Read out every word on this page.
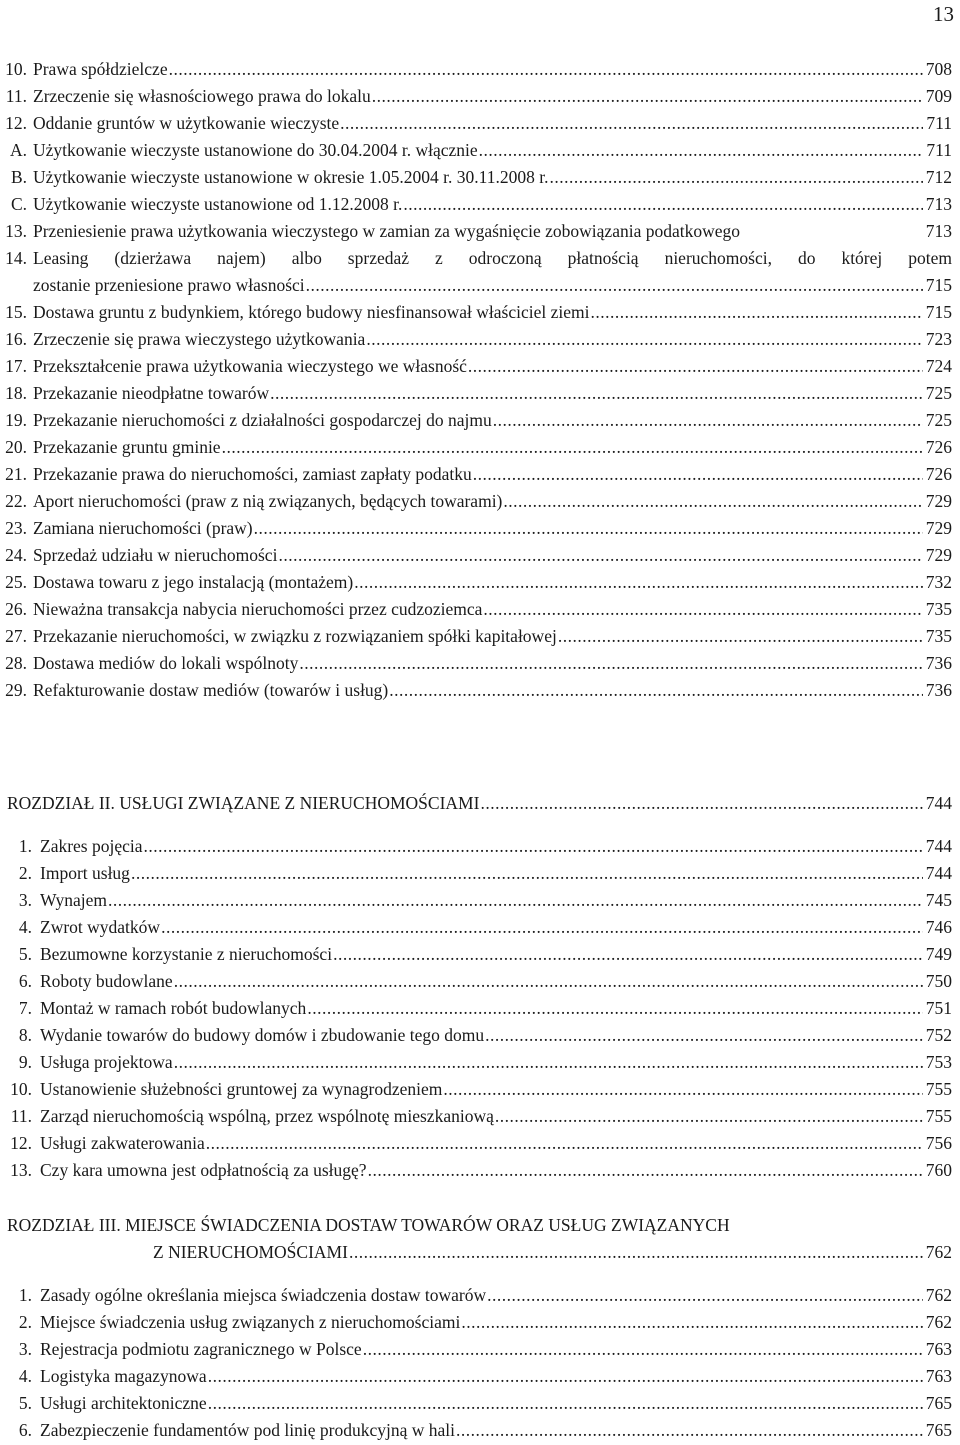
13
10. Prawa spółdzielcze .....	708
11. Zrzeczenie się własnościowego prawa do lokalu .....	709
12. Oddanie gruntów w użytkowanie wieczyste .....	711
A. Użytkowanie wieczyste ustanowione do 30.04.2004 r. włącznie .....	711
B. Użytkowanie wieczyste ustanowione w okresie 1.05.2004 r. 30.11.2008 r. .....	712
C. Użytkowanie wieczyste ustanowione od 1.12.2008 r. .....	713
13. Przeniesienie prawa użytkowania wieczystego w zamian za wygaśnięcie zobowiązania podatkowego	713
14. Leasing (dzierżawa najem) albo sprzedaż z odroczoną płatnością nieruchomości, do której potem
zostanie przeniesione prawo własności .....	715
15. Dostawa gruntu z budynkiem, którego budowy niesfinansował właściciel ziemi .....	715
16. Zrzeczenie się prawa wieczystego użytkowania .....	723
17. Przekształcenie prawa użytkowania wieczystego we własność .....	724
18. Przekazanie nieodpłatne towarów .....	725
19. Przekazanie nieruchomości z działalności gospodarczej do najmu .....	725
20. Przekazanie gruntu gminie .....	726
21. Przekazanie prawa do nieruchomości, zamiast zapłaty podatku .....	726
22. Aport nieruchomości (praw z nią związanych, będących towarami) .....	729
23. Zamiana nieruchomości (praw) .....	729
24. Sprzedaż udziału w nieruchomości .....	729
25. Dostawa towaru z jego instalacją (montażem) .....	732
26. Nieważna transakcja nabycia nieruchomości przez cudzoziemca .....	735
27. Przekazanie nieruchomości, w związku z rozwiązaniem spółki kapitałowej .....	735
28. Dostawa mediów do lokali wspólnoty .....	736
29. Refakturowanie dostaw mediów (towarów i usług) .....	736
ROZDZIAŁ II. USŁUGI ZWIĄZANE Z NIERUCHOMOŚCIAMI .....	744
1. Zakres pojęcia .....	744
2. Import usług .....	744
3. Wynajem .....	745
4. Zwrot wydatków .....	746
5. Bezumowne korzystanie z nieruchomości .....	749
6. Roboty budowlane .....	750
7. Montaż w ramach robót budowlanych .....	751
8. Wydanie towarów do budowy domów i zbudowanie tego domu .....	752
9. Usługa projektowa .....	753
10. Ustanowienie służebności gruntowej za wynagrodzeniem .....	755
11. Zarząd nieruchomością wspólną, przez wspólnotę mieszkaniową .....	755
12. Usługi zakwaterowania .....	756
13. Czy kara umowna jest odpłatnością za usługę? .....	760
ROZDZIAŁ III. MIEJSCE ŚWIADCZENIA DOSTAW TOWARÓW ORAZ USŁUG ZWIĄZANYCH
Z NIERUCHOMOŚCIAMI .....	762
1. Zasady ogólne określania miejsca świadczenia dostaw towarów .....	762
2. Miejsce świadczenia usług związanych z nieruchomościami .....	762
3. Rejestracja podmiotu zagranicznego w Polsce .....	763
4. Logistyka magazynowa .....	763
5. Usługi architektoniczne .....	765
6. Zabezpieczenie fundamentów pod linię produkcyjną w hali .....	765
